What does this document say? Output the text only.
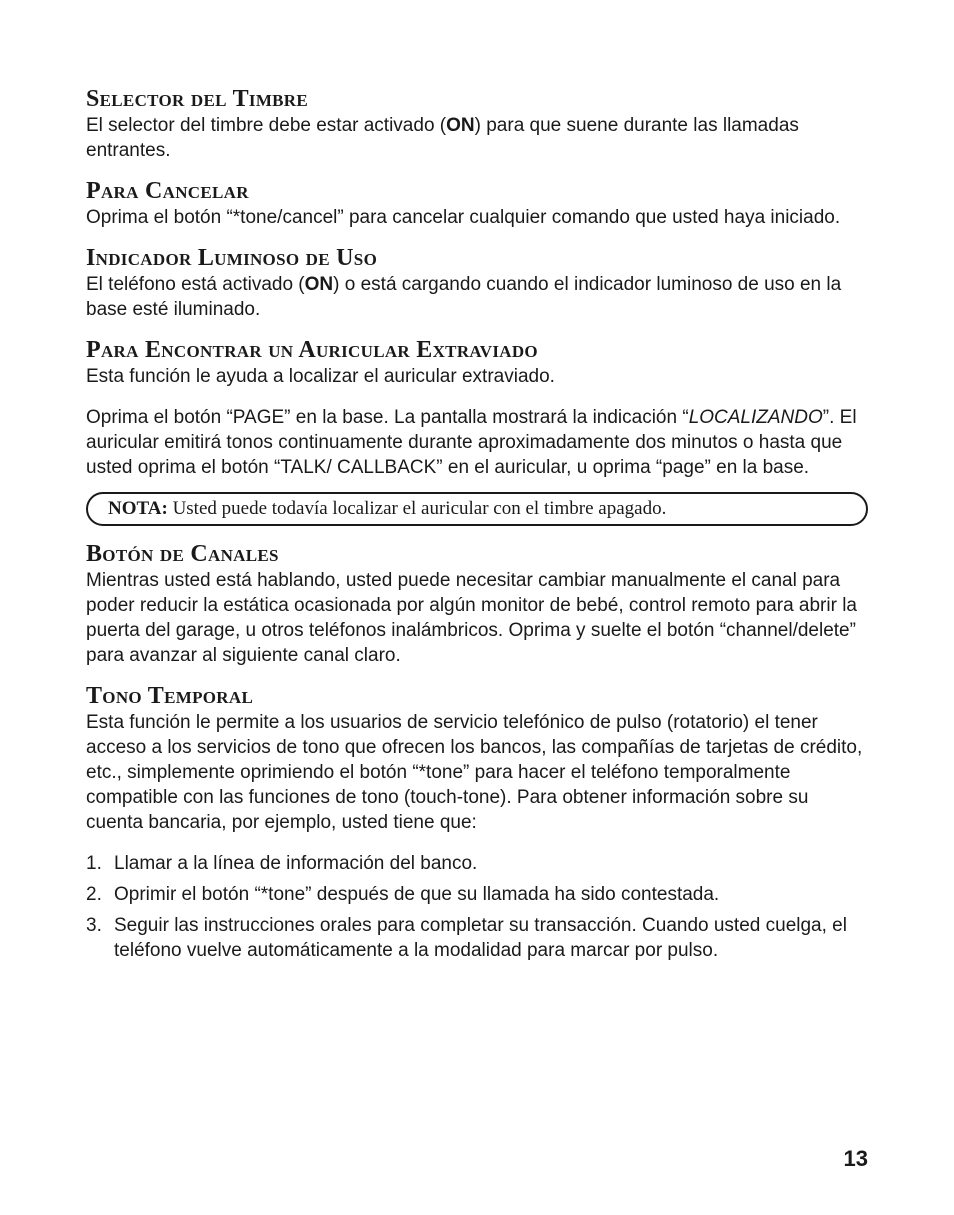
Selector del Timbre

El selector del timbre debe estar activado (ON) para que suene durante las llamadas entrantes.

Para Cancelar

Oprima el botón “*tone/cancel” para cancelar cualquier comando que usted haya iniciado.

Indicador Luminoso de Uso

El teléfono está activado (ON) o está cargando cuando el indicador luminoso de uso en la base esté iluminado.

Para Encontrar un Auricular Extraviado

Esta función le ayuda a localizar el auricular extraviado.

Oprima el botón “PAGE” en la base. La pantalla mostrará la indicación “LOCALIZANDO”. El auricular emitirá tonos continuamente durante aproximadamente dos minutos o hasta que usted oprima el botón “TALK/ CALLBACK” en el auricular, u oprima “page” en la base.

NOTA: Usted puede todavía localizar el auricular con el timbre apagado.
Botón de Canales

Mientras usted está hablando, usted puede necesitar cambiar manualmente el canal para poder reducir la estática ocasionada por algún monitor de bebé, control remoto para abrir la puerta del garage, u otros teléfonos inalámbricos. Oprima y suelte el botón “channel/delete” para avanzar al siguiente canal claro.

Tono Temporal

Esta función le permite a los usuarios de servicio telefónico de pulso (rotatorio) el tener acceso a los servicios de tono que ofrecen los bancos, las compañías de tarjetas de crédito, etc., simplemente oprimiendo el botón “*tone” para hacer el teléfono temporalmente compatible con las funciones de tono (touch-tone). Para obtener información sobre su cuenta bancaria, por ejemplo, usted tiene que:

1. Llamar a la línea de información del banco.
2. Oprimir el botón “*tone” después de que su llamada ha sido contestada.
3. Seguir las instrucciones orales para completar su transacción. Cuando usted cuelga, el teléfono vuelve automáticamente a la modalidad para marcar por pulso.
13
